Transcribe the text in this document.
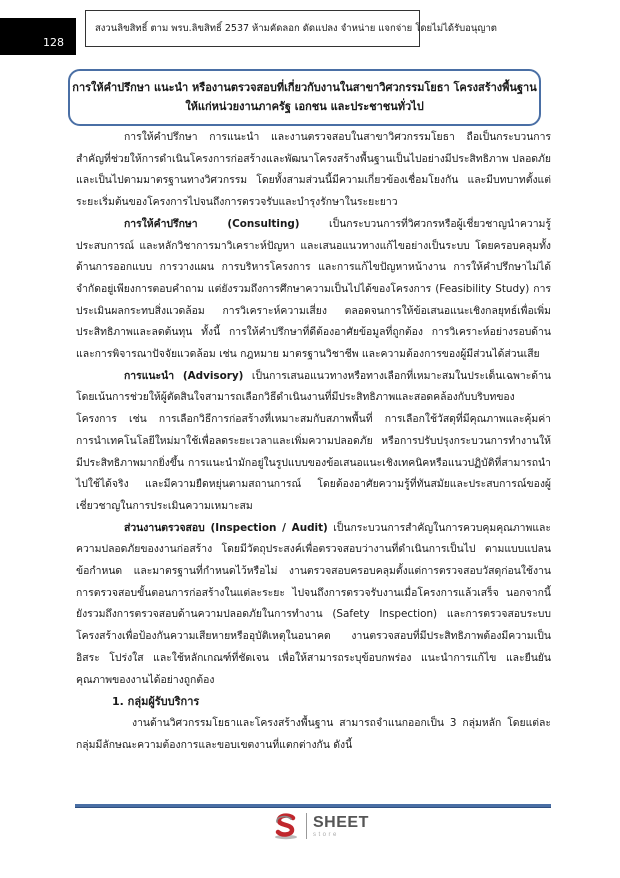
128
สงวนลิขสิทธิ์ ตาม พรบ.ลิขสิทธิ์ 2537 ห้ามคัดลอก ดัดแปลง จำหน่าย แจกจ่าย โดยไม่ได้รับอนุญาต
การให้คำปรึกษา แนะนำ หรืองานตรวจสอบที่เกี่ยวกับงานในสาขาวิศวกรรมโยธา โครงสร้างพื้นฐาน
ให้แก่หน่วยงานภาครัฐ เอกชน และประชาชนทั่วไป

การให้คำปรึกษา การแนะนำ และงานตรวจสอบในสาขาวิศวกรรมโยธา ถือเป็นกระบวนการสำคัญที่ช่วยให้การดำเนินโครงการก่อสร้างและพัฒนาโครงสร้างพื้นฐานเป็นไปอย่างมีประสิทธิภาพ ปลอดภัย และเป็นไปตามมาตรฐานทางวิศวกรรม โดยทั้งสามส่วนนี้มีความเกี่ยวข้องเชื่อมโยงกัน และมีบทบาทตั้งแต่ระยะเริ่มต้นของโครงการไปจนถึงการตรวจรับและบำรุงรักษาในระยะยาว

การให้คำปรึกษา (Consulting) เป็นกระบวนการที่วิศวกรหรือผู้เชี่ยวชาญนำความรู้ ประสบการณ์ และหลักวิชาการมาวิเคราะห์ปัญหา และเสนอแนวทางแก้ไขอย่างเป็นระบบ โดยครอบคลุมทั้งด้านการออกแบบ การวางแผน การบริหารโครงการ และการแก้ไขปัญหาหน้างาน การให้คำปรึกษาไม่ได้จำกัดอยู่เพียงการตอบคำถาม แต่ยังรวมถึงการศึกษาความเป็นไปได้ของโครงการ (Feasibility Study) การประเมินผลกระทบสิ่งแวดล้อม การวิเคราะห์ความเสี่ยง ตลอดจนการให้ข้อเสนอแนะเชิงกลยุทธ์เพื่อเพิ่มประสิทธิภาพและลดต้นทุน ทั้งนี้ การให้คำปรึกษาที่ดีต้องอาศัยข้อมูลที่ถูกต้อง การวิเคราะห์อย่างรอบด้าน และการพิจารณาปัจจัยแวดล้อม เช่น กฎหมาย มาตรฐานวิชาชีพ และความต้องการของผู้มีส่วนได้ส่วนเสีย

การแนะนำ (Advisory) เป็นการเสนอแนวทางหรือทางเลือกที่เหมาะสมในประเด็นเฉพาะด้าน โดยเน้นการช่วยให้ผู้ตัดสินใจสามารถเลือกวิธีดำเนินงานที่มีประสิทธิภาพและสอดคล้องกับบริบทของโครงการ เช่น การเลือกวิธีการก่อสร้างที่เหมาะสมกับสภาพพื้นที่ การเลือกใช้วัสดุที่มีคุณภาพและคุ้มค่า การนำเทคโนโลยีใหม่มาใช้เพื่อลดระยะเวลาและเพิ่มความปลอดภัย หรือการปรับปรุงกระบวนการทำงานให้มีประสิทธิภาพมากยิ่งขึ้น การแนะนำมักอยู่ในรูปแบบของข้อเสนอแนะเชิงเทคนิคหรือแนวปฏิบัติที่สามารถนำไปใช้ได้จริง และมีความยืดหยุ่นตามสถานการณ์ โดยต้องอาศัยความรู้ที่ทันสมัยและประสบการณ์ของผู้เชี่ยวชาญในการประเมินความเหมาะสม

ส่วนงานตรวจสอบ (Inspection / Audit) เป็นกระบวนการสำคัญในการควบคุมคุณภาพและความปลอดภัยของงานก่อสร้าง โดยมีวัตถุประสงค์เพื่อตรวจสอบว่างานที่ดำเนินการเป็นไป ตามแบบแปลน ข้อกำหนด และมาตรฐานที่กำหนดไว้หรือไม่ งานตรวจสอบครอบคลุมตั้งแต่การตรวจสอบวัสดุก่อนใช้งาน การตรวจสอบขั้นตอนการก่อสร้างในแต่ละระยะ ไปจนถึงการตรวจรับงานเมื่อโครงการแล้วเสร็จ นอกจากนี้ยังรวมถึงการตรวจสอบด้านความปลอดภัยในการทำงาน (Safety Inspection) และการตรวจสอบระบบโครงสร้างเพื่อป้องกันความเสียหายหรืออุบัติเหตุในอนาคต งานตรวจสอบที่มีประสิทธิภาพต้องมีความเป็นอิสระ โปร่งใส และใช้หลักเกณฑ์ที่ชัดเจน เพื่อให้สามารถระบุข้อบกพร่อง แนะนำการแก้ไข และยืนยันคุณภาพของงานได้อย่างถูกต้อง

1. กลุ่มผู้รับบริการ

งานด้านวิศวกรรมโยธาและโครงสร้างพื้นฐาน สามารถจำแนกออกเป็น 3 กลุ่มหลัก โดยแต่ละกลุ่มมีลักษณะความต้องการและขอบเขตงานที่แตกต่างกัน ดังนี้

SHEET
store
